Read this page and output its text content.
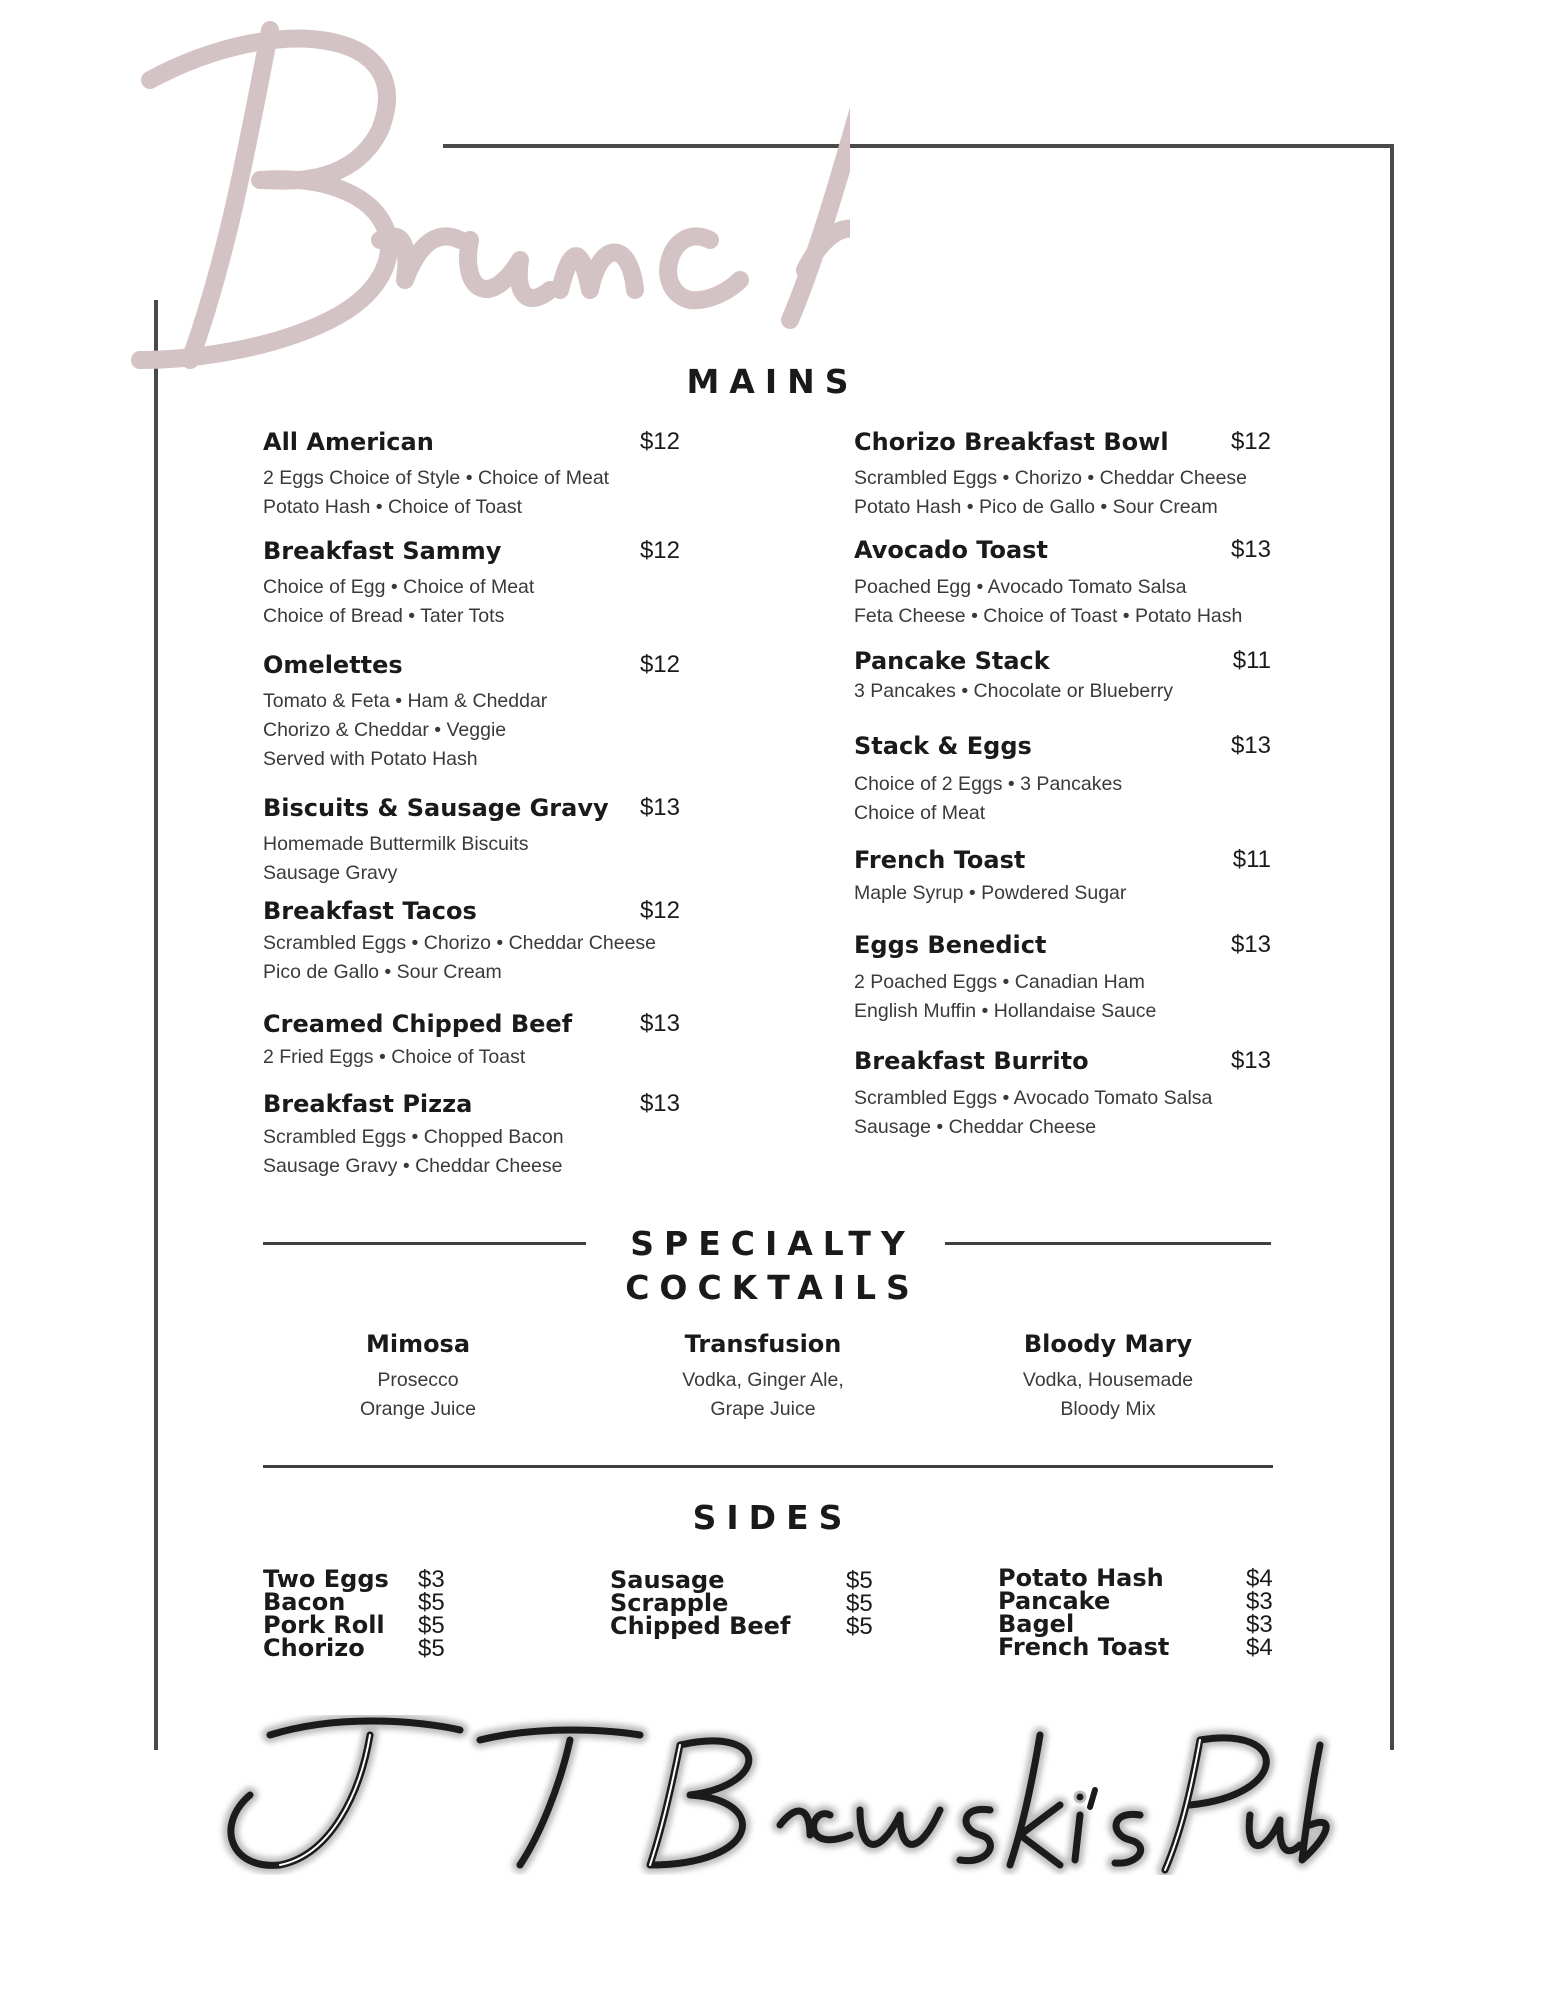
MAINS
All American	$12
2 Eggs Choice of Style • Choice of Meat
Potato Hash • Choice of Toast
Breakfast Sammy	$12
Choice of Egg • Choice of Meat
Choice of Bread • Tater Tots
Omelettes	$12
Tomato & Feta • Ham & Cheddar
Chorizo & Cheddar • Veggie
Served with Potato Hash
Biscuits & Sausage Gravy $13
Homemade Buttermilk Biscuits
Sausage Gravy
Breakfast Tacos	$12
Scrambled Eggs • Chorizo • Cheddar Cheese
Pico de Gallo • Sour Cream
Creamed Chipped Beef	$13
2 Fried Eggs • Choice of Toast
Breakfast Pizza	$13
Scrambled Eggs • Chopped Bacon
Sausage Gravy • Cheddar Cheese
Chorizo Breakfast Bowl	$12
Scrambled Eggs • Chorizo • Cheddar Cheese
Potato Hash • Pico de Gallo • Sour Cream
Avocado Toast	$13
Poached Egg • Avocado Tomato Salsa
Feta Cheese • Choice of Toast • Potato Hash
Pancake Stack	$11
3 Pancakes • Chocolate or Blueberry
Stack & Eggs	$13
Choice of 2 Eggs • 3 Pancakes
Choice of Meat
French Toast	$11
Maple Syrup • Powdered Sugar
Eggs Benedict	$13
2 Poached Eggs • Canadian Ham
English Muffin • Hollandaise Sauce
Breakfast Burrito	$13
Scrambled Eggs • Avocado Tomato Salsa
Sausage • Cheddar Cheese
SPECIALTY
COCKTAILS
Mimosa
Prosecco
Orange Juice
Transfusion
Vodka, Ginger Ale,
Grape Juice
Bloody Mary
Vodka, Housemade
Bloody Mix
SIDES
Two Eggs $3
Bacon	$5
Pork Roll $5
Chorizo $5
Sausage	$5
Scrapple	$5
Chipped Beef $5
Potato Hash	$4
Pancake	$3
Bagel	$3
French Toast	$4
